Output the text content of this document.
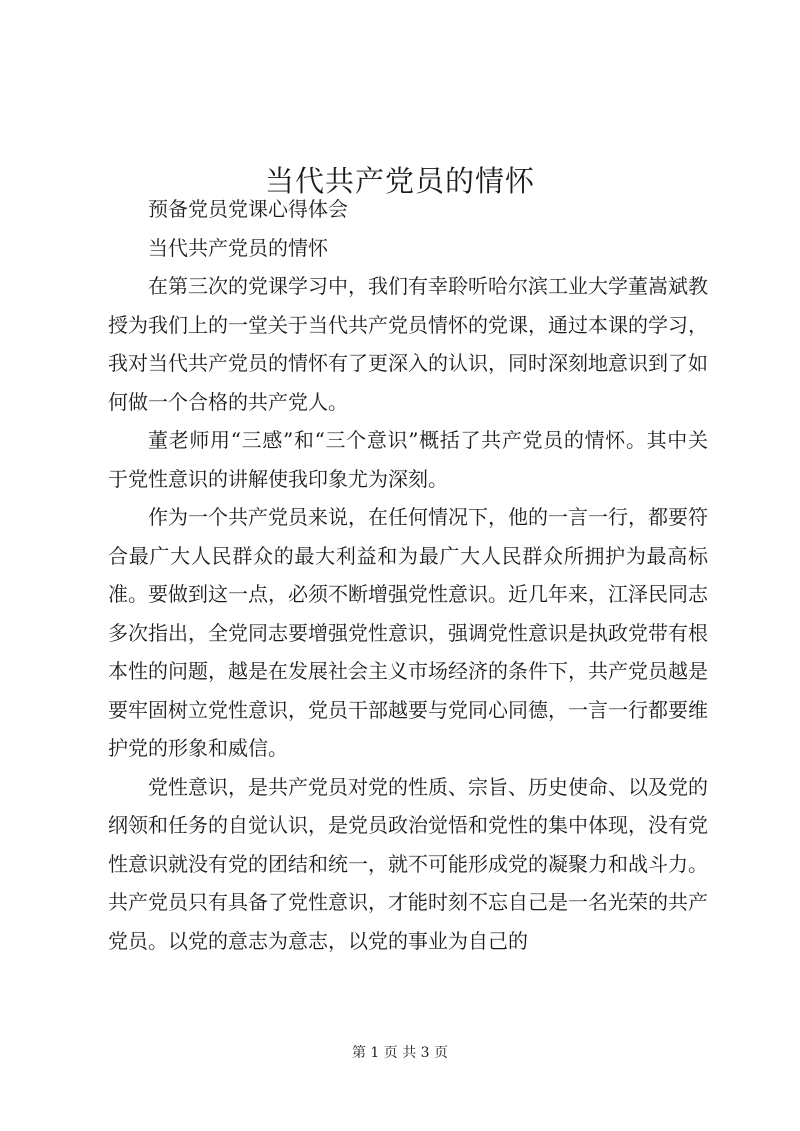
当代共产党员的情怀

预备党员党课心得体会

当代共产党员的情怀

在第三次的党课学习中，我们有幸聆听哈尔滨工业大学董嵩斌教授为我们上的一堂关于当代共产党员情怀的党课，通过本课的学习，我对当代共产党员的情怀有了更深入的认识，同时深刻地意识到了如何做一个合格的共产党人。

董老师用“三感”和“三个意识”概括了共产党员的情怀。其中关于党性意识的讲解使我印象尤为深刻。

作为一个共产党员来说，在任何情况下，他的一言一行，都要符合最广大人民群众的最大利益和为最广大人民群众所拥护为最高标准。要做到这一点，必须不断增强党性意识。近几年来，江泽民同志多次指出，全党同志要增强党性意识，强调党性意识是执政党带有根本性的问题，越是在发展社会主义市场经济的条件下，共产党员越是要牢固树立党性意识，党员干部越要与党同心同德，一言一行都要维护党的形象和威信。

党性意识，是共产党员对党的性质、宗旨、历史使命、以及党的纲领和任务的自觉认识，是党员政治觉悟和党性的集中体现，没有党性意识就没有党的团结和统一，就不可能形成党的凝聚力和战斗力。共产党员只有具备了党性意识，才能时刻不忘自己是一名光荣的共产党员。以党的意志为意志，以党的事业为自己的

第 1 页 共 3 页
